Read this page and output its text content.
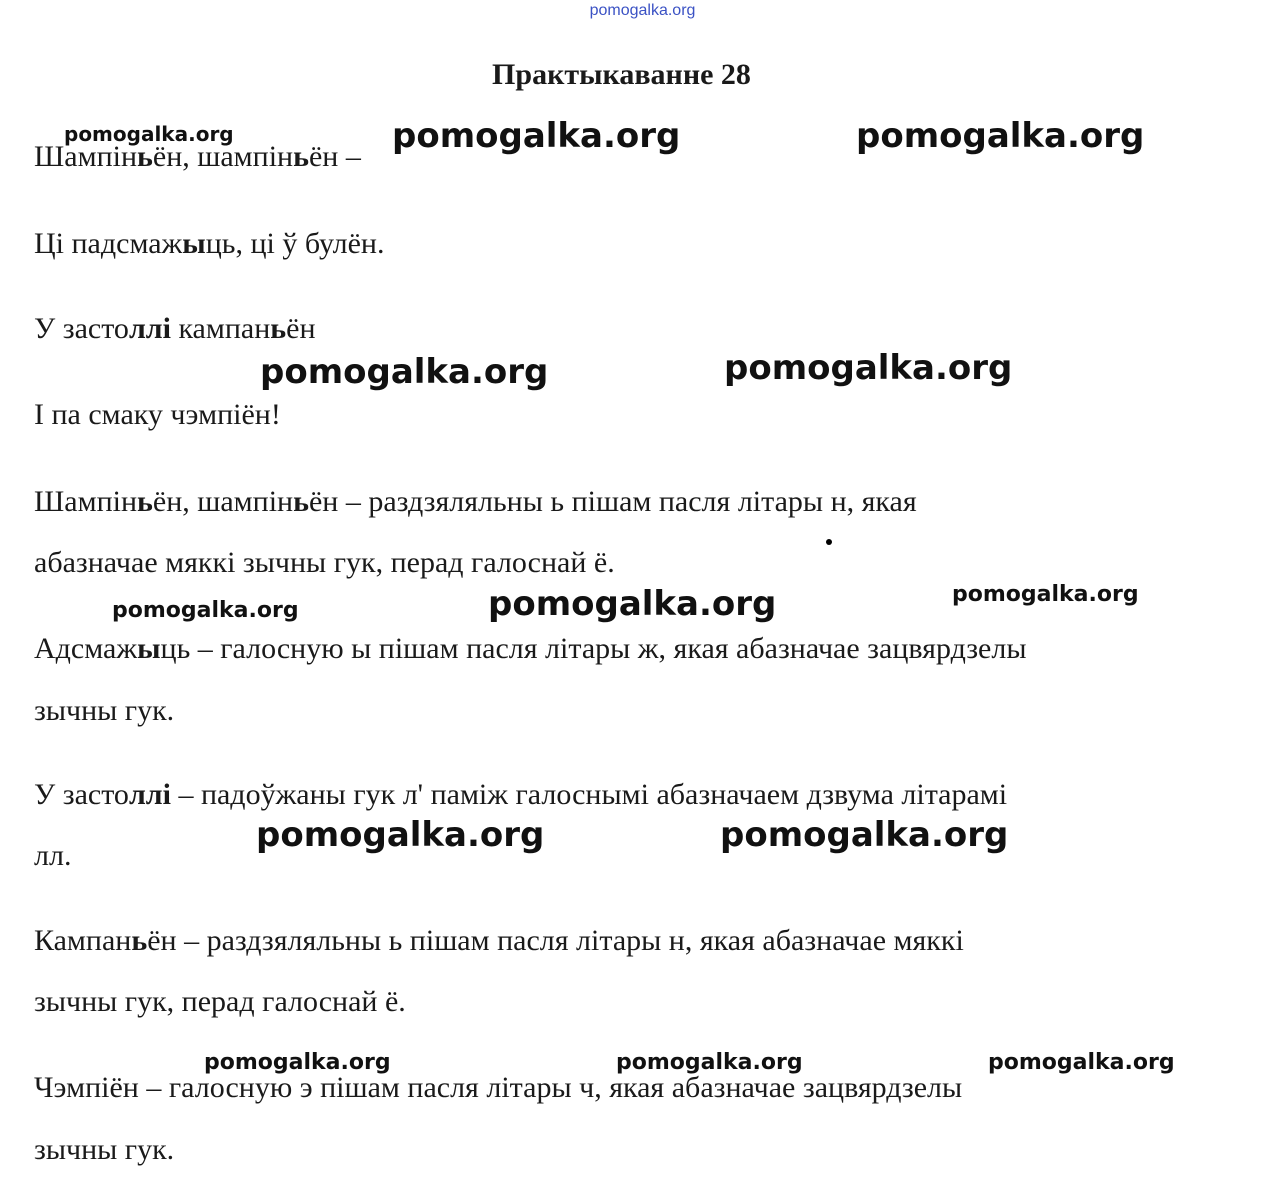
pomogalka.org
Практыкаванне 28
Шампіньён, шампіньён –
Ці падсмажыць, ці ў булён.
У застоллі кампаньён
І па смаку чэмпіён!
Шампіньён, шампіньён – раздзяляльны ь пішам пасля літары н, якая
абазначае мяккі зычны гук, перад галоснай ё.
Адсмажыць – галосную ы пішам пасля літары ж, якая абазначае зацвярдзелы
зычны гук.
У застоллі – падоўжаны гук л' паміж галоснымі абазначаем дзвума літарамі
лл.
Кампаньён – раздзяляльны ь пішам пасля літары н, якая абазначае мяккі
зычны гук, перад галоснай ё.
Чэмпіён – галосную э пішам пасля літары ч, якая абазначае зацвярдзелы
зычны гук.
pomogalka.org	pomogalka.org	pomogalka.org
pomogalka.org	pomogalka.org
pomogalka.org	pomogalka.org	pomogalka.org
pomogalka.org	pomogalka.org
pomogalka.org	pomogalka.org	pomogalka.org
